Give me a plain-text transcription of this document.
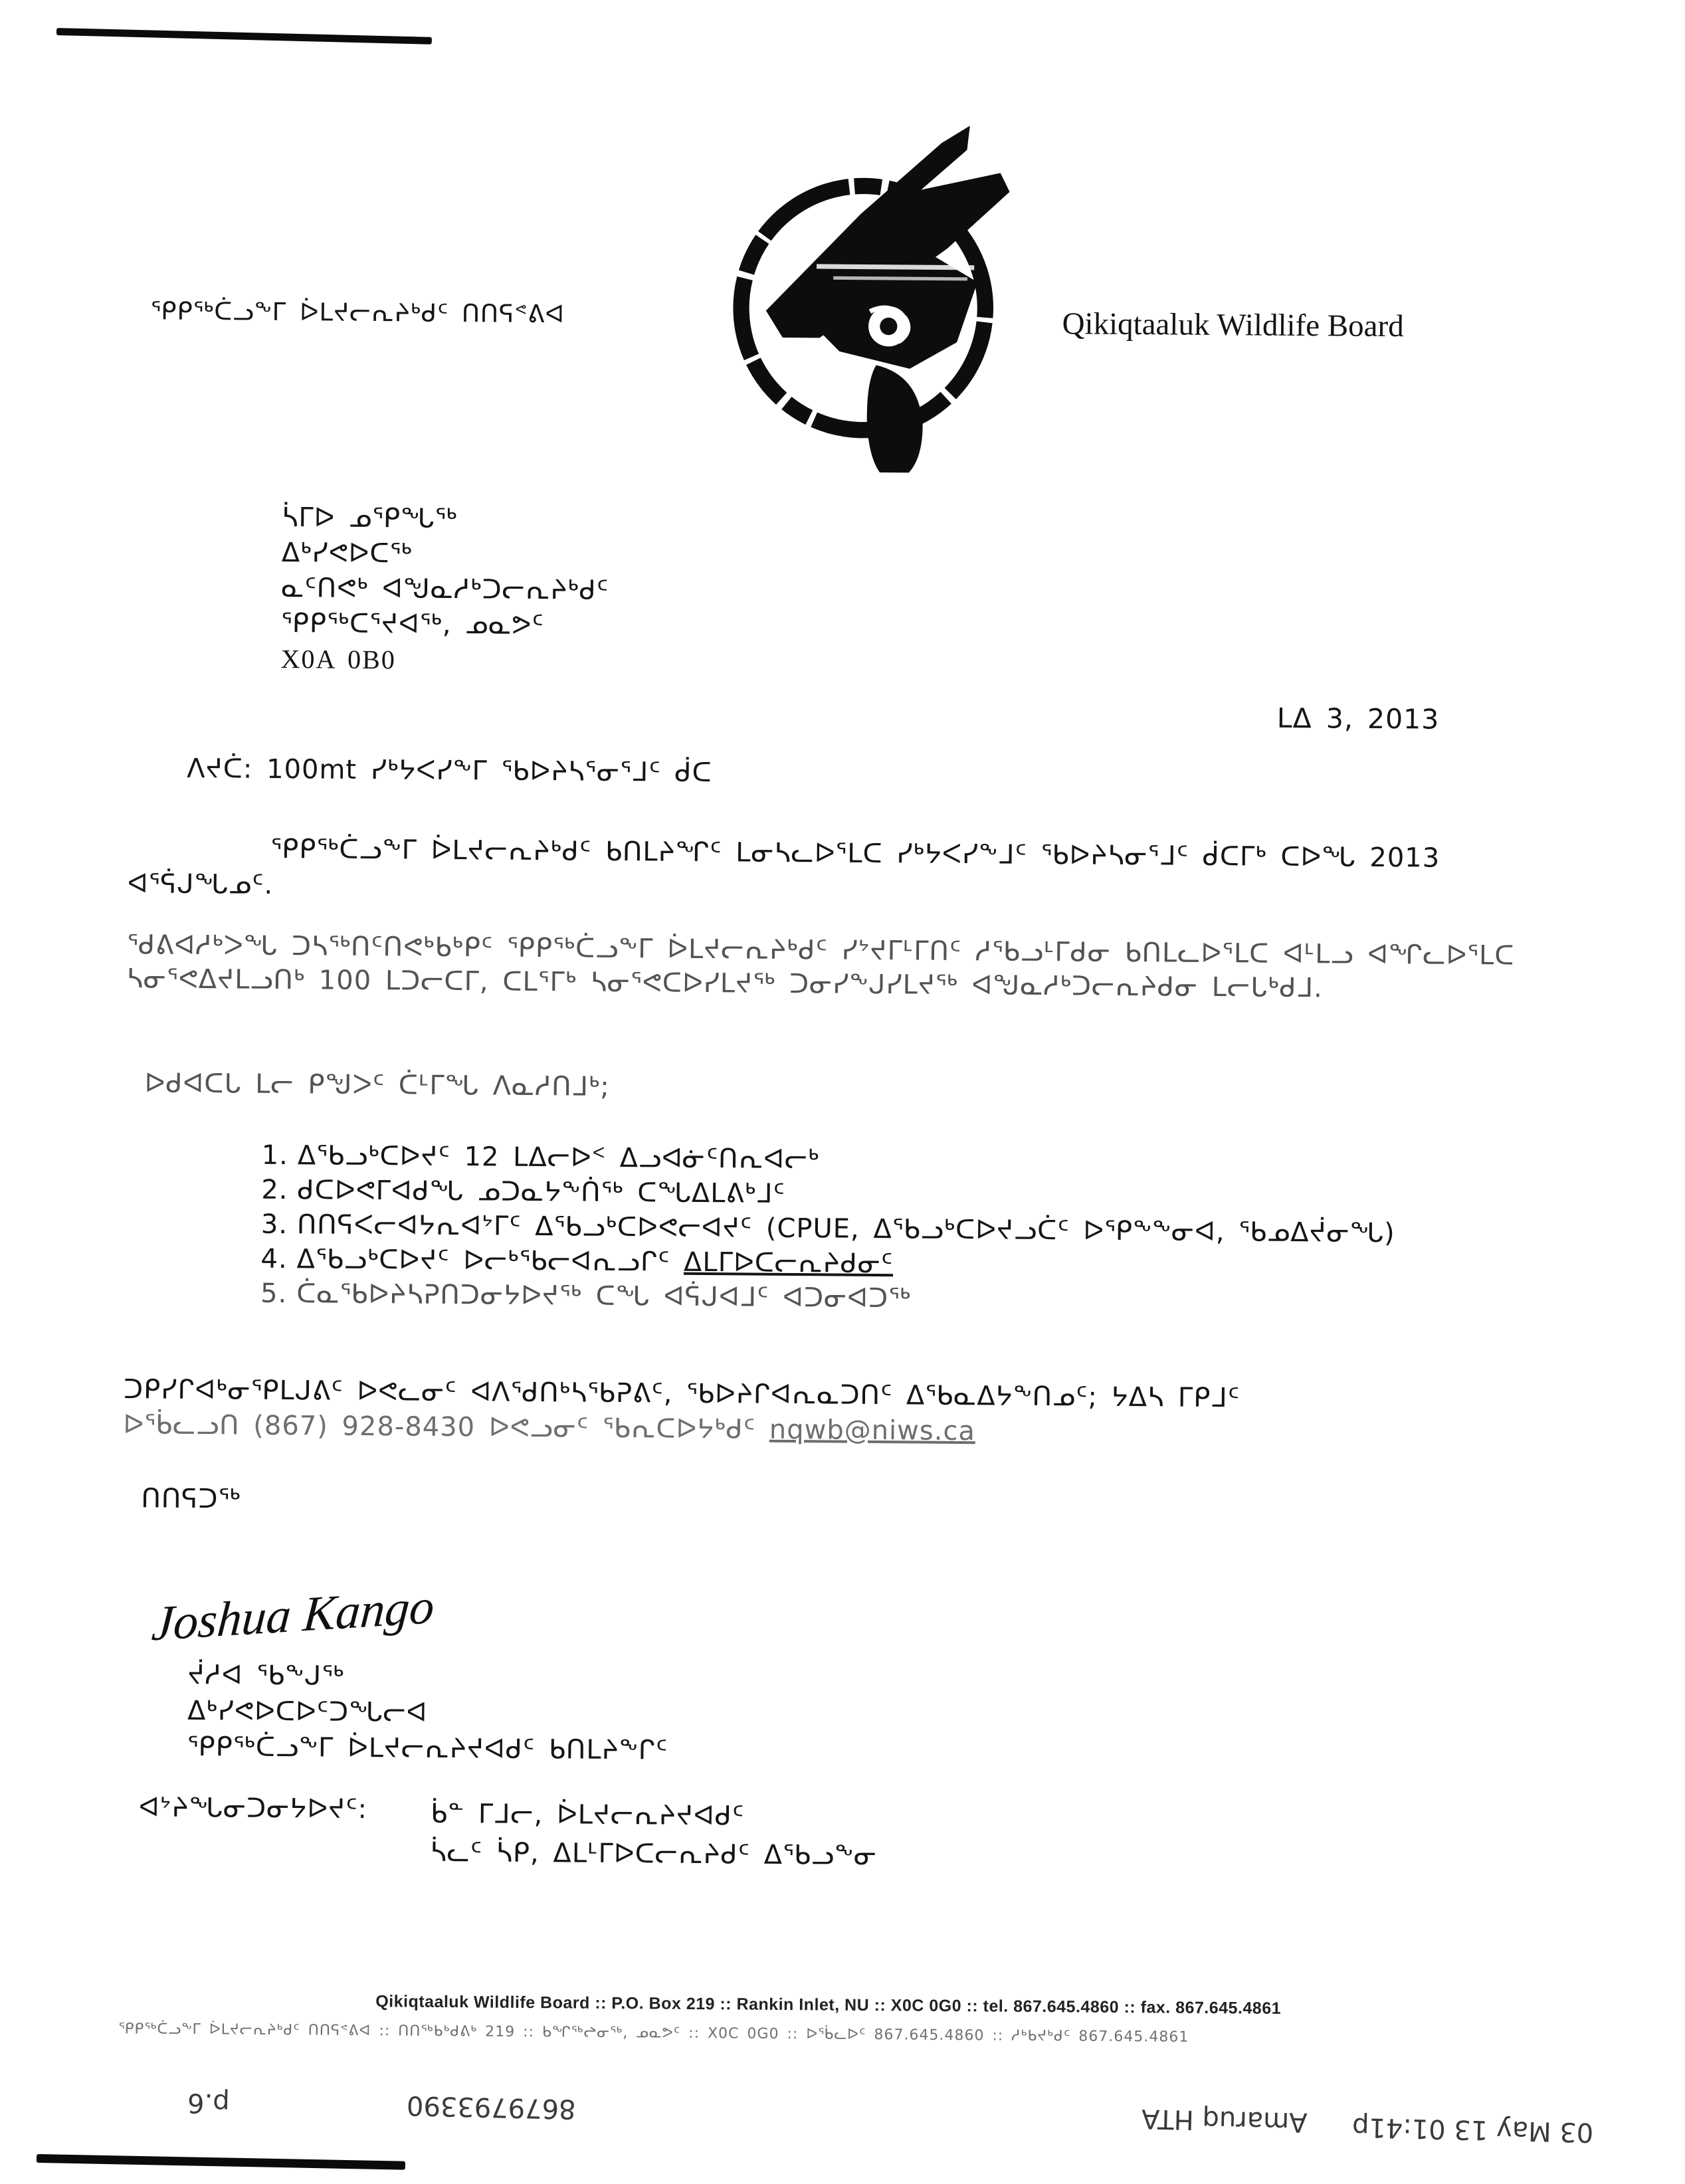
ᕿᑭᖅᑖᓗᖕᒥ ᐆᒪᔪᓕᕆᔨᒃᑯᑦ ᑎᑎᕋᕝᕕᐊ	Qikiqtaaluk Wildlife Board
ᓵᒥᐅ ᓄᕿᖓᖅ
ᐃᒃᓯᕙᐅᑕᖅ
ᓇᑦᑎᕙᒃ ᐊᖑᓇᓱᒃᑐᓕᕆᔨᒃᑯᑦ
ᕿᑭᖅᑕᕐᔪᐊᖅ, ᓄᓇᕗᑦ
X0A 0B0
ᒪᐃ 3, 2013
ᐱᔪᑖ: 100mt ᓯᒃᔭᐸᓯᖕᒥ ᖃᐅᔨᓴᕐᓂᕐᒧᑦ ᑰᑕ
ᕿᑭᖅᑖᓗᖕᒥ ᐆᒪᔪᓕᕆᔨᒃᑯᑦ ᑲᑎᒪᔨᖏᑦ ᒪᓂᓴᓚᐅᕐᒪᑕ ᓯᒃᔭᐸᓯᖕᒧᑦ ᖃᐅᔨᓴᓂᕐᒧᑦ ᑰᑕᒥᒃ ᑕᐅᖓ 2013 ᐊᕐᕌᒍᖓᓄᑦ.
ᖁᕕᐊᓱᒃᐳᖓ ᑐᓴᖅᑎᑦᑎᕙᒃᑲᒃᑭᑦ ᕿᑭᖅᑖᓗᖕᒥ ᐆᒪᔪᓕᕆᔨᒃᑯᑦ ᓯᔾᔪᒥᒻᒥᑎᑦ ᓱᖃᓗᒻᒥᑯᓂ ᑲᑎᒪᓚᐅᕐᒪᑕ ᐊᒻᒪᓗ ᐊᖏᓚᐅᕐᒪᑕ ᓴᓂᕐᕙᐃᔪᒪᓗᑎᒃ 100 ᒪᑐᓕᑕᒥ, ᑕᒪᕐᒥᒃ ᓴᓂᕐᕙᑕᐅᓯᒪᔪᖅ ᑐᓂᓯᖕᒍᓯᒪᔪᖅ ᐊᖑᓇᓱᒃᑐᓕᕆᔨᑯᓂ ᒪᓕᒐᒃᑯᒧ.
ᐅᑯᐊᑕᒐ ᒪᓕ ᑭᖑᐳᑦ ᑖᒻᒥᖓ ᐱᓇᓱᑎᒧᒃ;
1. ᐃᖃᓗᒃᑕᐅᔪᑦ 12 ᒪᐃᓕᐅᑉ ᐃᓗᐊᓃᑦᑎᕆᐊᓕᒃ
2. ᑯᑕᐅᕙᒥᐊᑯᖓ ᓄᑐᓇᔭᖕᑏᖅ ᑕᖓᐃᒪᕕᒃᒧᑦ
3. ᑎᑎᕋᐸᓕᐊᔭᕆᐊᔾᒥᑦ ᐃᖃᓗᒃᑕᐅᕙᓕᐊᔪᑦ (CPUE, ᐃᖃᓗᒃᑕᐅᔪᓗᑖᑦ ᐅᕿᖕᖕᓂᐊ, ᖃᓄᐃᔫᓂᖓ)
4. ᐃᖃᓗᒃᑕᐅᔪᑦ ᐅᓕᒃᖃᓕᐊᕆᓗᒋᑦ ᐃᒪᒥᐅᑕᓕᕆᔨᑯᓂᑦ
5. ᑖᓇᖃᐅᔨᓴᕈᑎᑐᓂᔭᐅᔪᖅ ᑕᖓ ᐊᕌᒍᐊᒧᑦ ᐊᑐᓂᐊᑐᖅ
ᑐᑭᓯᒋᐊᒃᓂᕿᒪᒍᕕᑦ ᐅᕙᓚᓂᑦ ᐊᐱᖁᑎᒃᓴᖃᕈᕕᑦ, ᖃᐅᔨᒋᐊᕆᓇᑐᑎᑦ ᐃᖃᓇᐃᔭᖕᑎᓄᑦ; ᔭᐃᓴ ᒥᑭᒧᑦ
ᐅᖄᓚᓗᑎ (867) 928-8430 ᐅᕙᓗᓂᑦ ᖃᕆᑕᐅᔭᒃᑯᑦ nqwb@niws.ca
ᑎᑎᕋᑐᖅ
Joshua Kango
ᔫᓱᐊ ᖃᖕᒍᖅ
ᐃᒃᓯᕙᐅᑕᐅᑦᑐᖓᓕᐊ
ᕿᑭᖅᑖᓗᖕᒥ ᐆᒪᔪᓕᕆᔨᔪᐊᑯᑦ ᑲᑎᒪᔨᖕᒋᑦ
ᐊᔾᔨᖓᓂᑐᓂᔭᐅᔪᑦ: ᑳᓐ ᒥᒧᓕ, ᐆᒪᔪᓕᕆᔨᔪᐊᑯᑦ
ᓵᓚᑦ ᓵᑭ, ᐃᒪᒻᒥᐅᑕᓕᕆᔨᑯᑦ ᐃᖃᓗᖕᓂ
Qikiqtaaluk Wildlife Board :: P.O. Box 219 :: Rankin Inlet, NU :: X0C 0G0 :: tel. 867.645.4860 :: fax. 867.645.4861
ᕿᑭᖅᑖᓗᖕᒥ ᐆᒪᔪᓕᕆᔨᒃᑯᑦ ᑎᑎᕋᕝᕕᐊ :: ᑎᑎᖅᑲᒃᑯᕕᒃ 219 :: ᑲᖏᖅᖠᓂᖅ, ᓄᓇᕗᑦ :: X0C 0G0 :: ᐅᖄᓚᐅᑦ 867.645.4860 :: ᓱᒃᑲᔪᒃᑯᑦ 867.645.4861
p.6	8679793390	Amaruq HTA 03 May 13 01:41p
